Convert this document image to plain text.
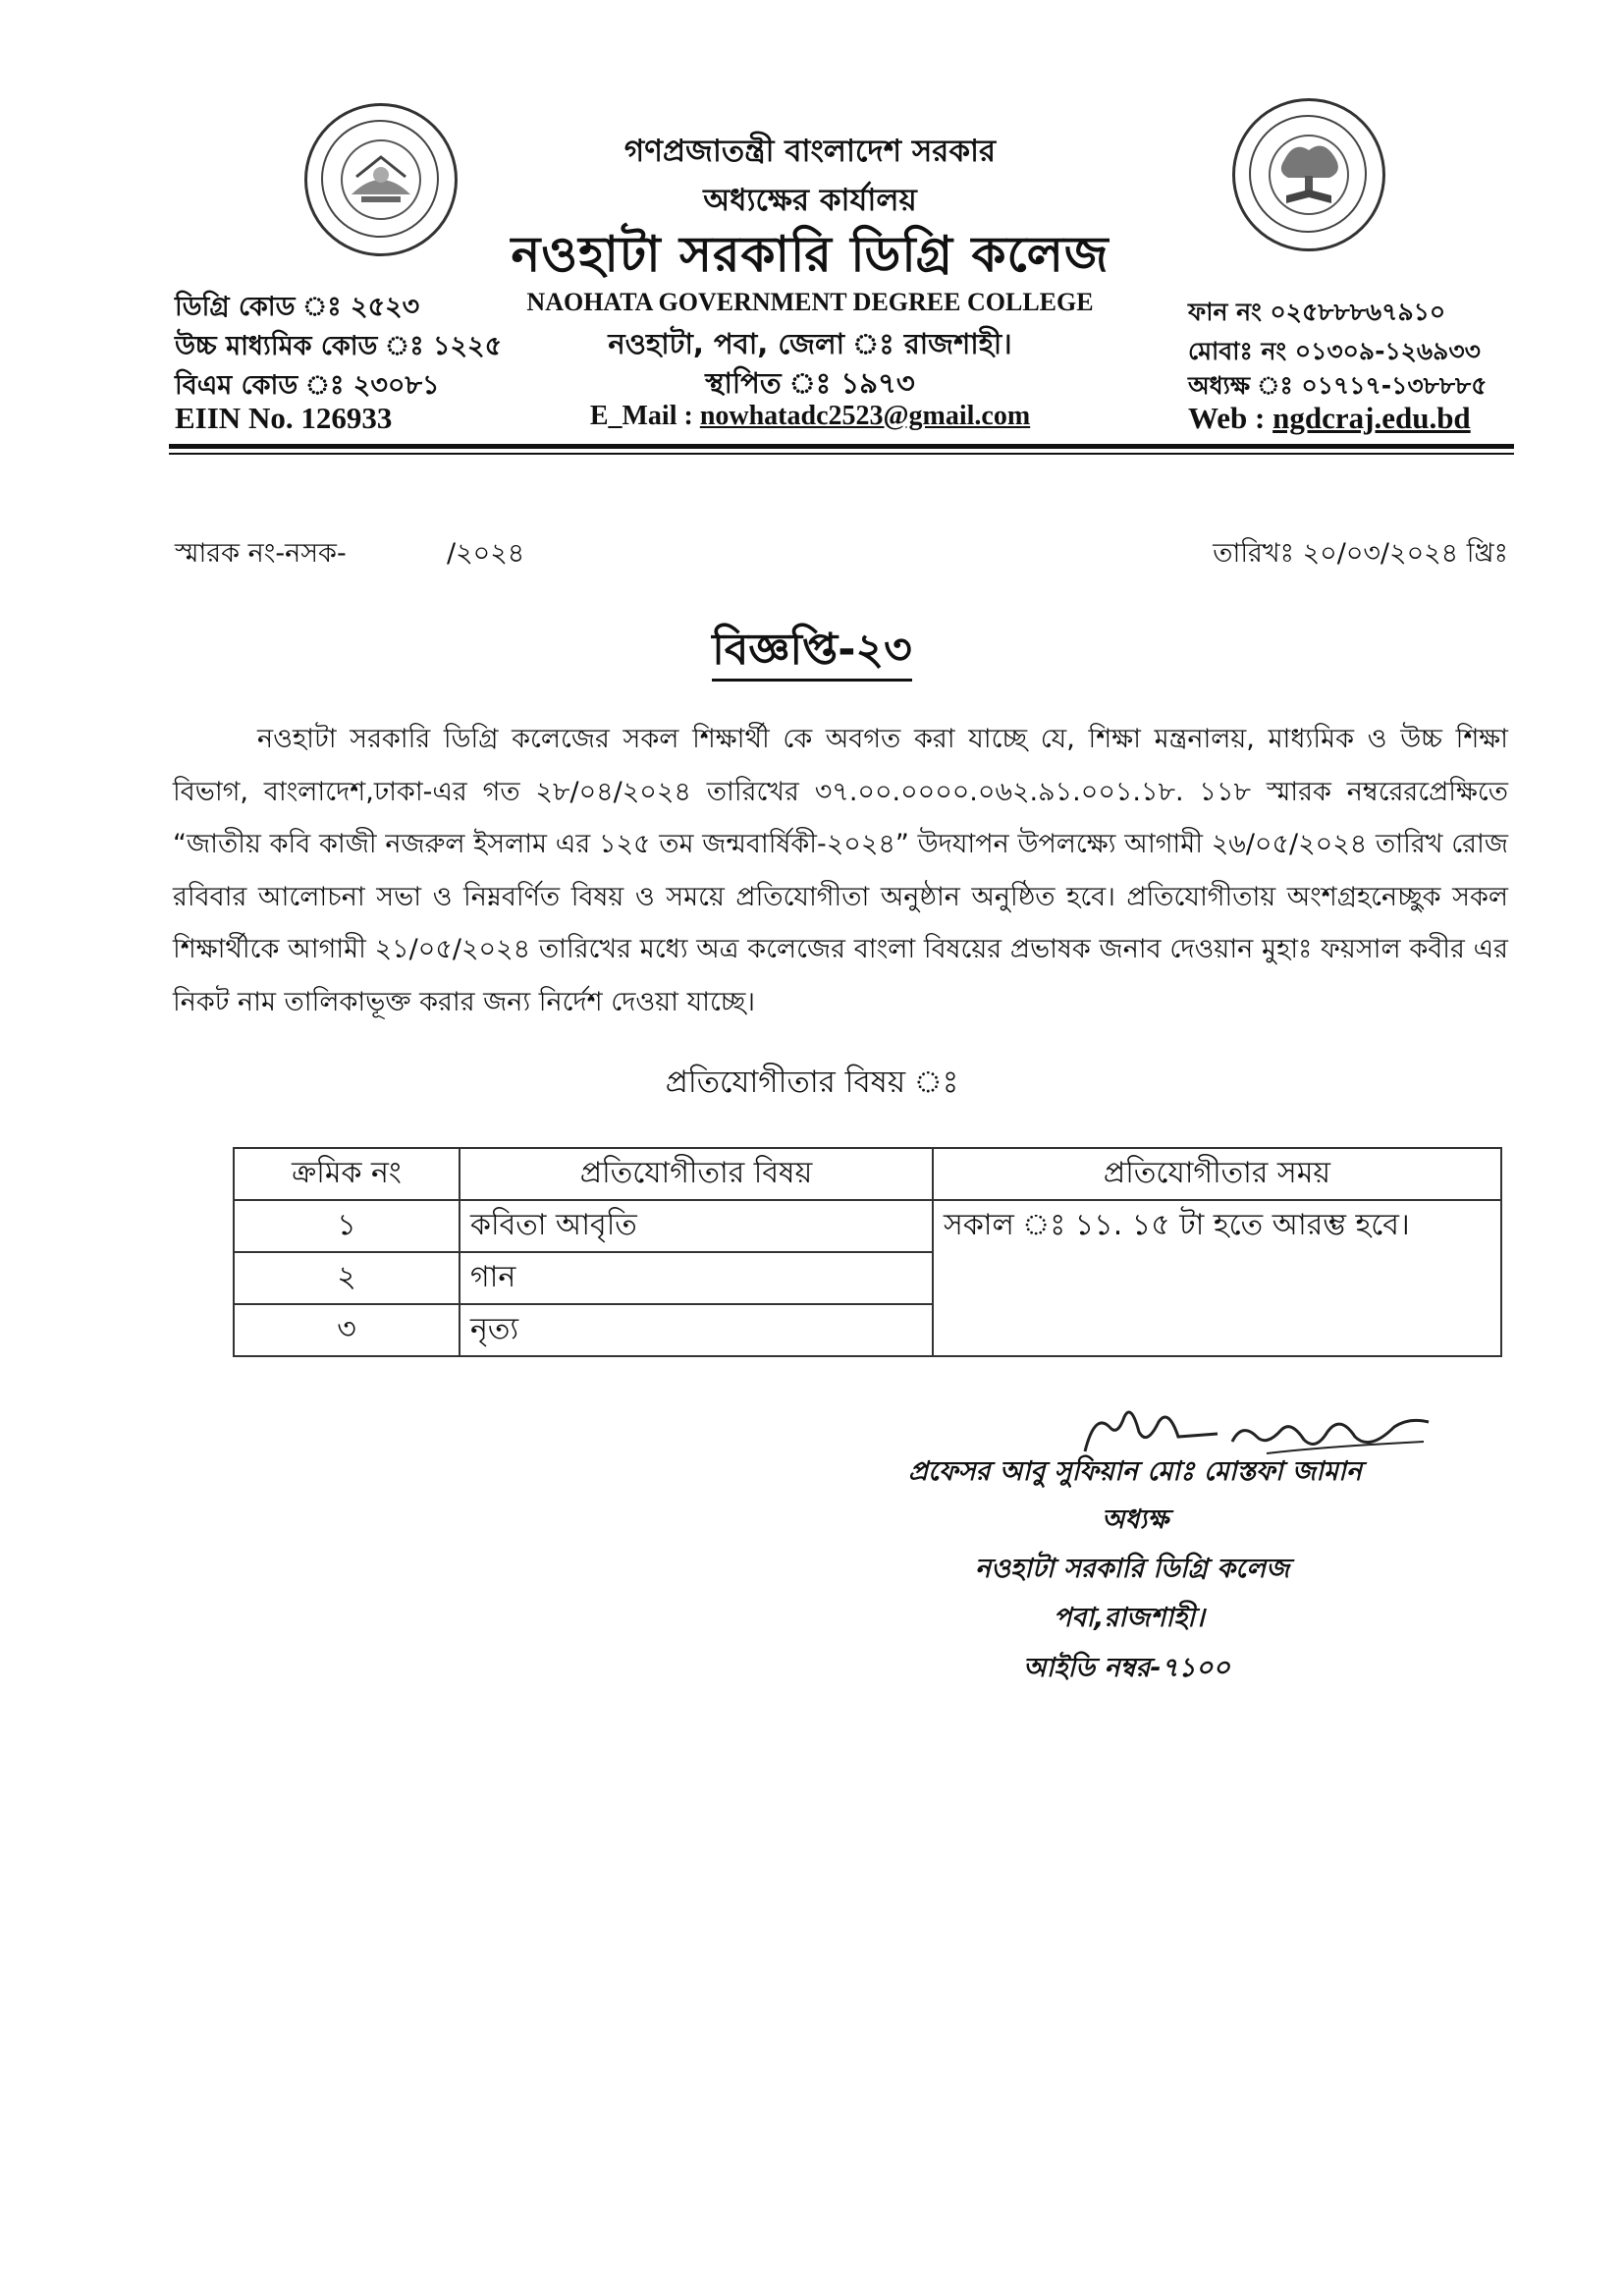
গণপ্রজাতন্ত্রী বাংলাদেশ সরকার
অধ্যক্ষের কার্যালয়
নওহাটা সরকারি ডিগ্রি কলেজ
NAOHATA GOVERNMENT DEGREE COLLEGE
নওহাটা, পবা, জেলা ঃ রাজশাহী।
স্থাপিত ঃ ১৯৭৩
E_Mail : nowhatadc2523@gmail.com
ডিগ্রি কোড ঃ ২৫২৩
উচ্চ মাধ্যমিক কোড ঃ ১২২৫
বিএম কোড ঃ ২৩০৮১
EIIN No. 126933
ফান নং ০২৫৮৮৮৬৭৯১০
মোবাঃ নং ০১৩০৯-১২৬৯৩৩
অধ্যক্ষ ঃ ০১৭১৭-১৩৮৮৮৫
Web : ngdcraj.edu.bd
স্মারক নং-নসক-	/২০২৪	তারিখঃ ২০/০৩/২০২৪ খ্রিঃ
বিজ্ঞপ্তি-২৩
নওহাটা সরকারি ডিগ্রি কলেজের সকল শিক্ষার্থী কে অবগত করা যাচ্ছে যে, শিক্ষা মন্ত্রনালয়, মাধ্যমিক ও উচ্চ শিক্ষা বিভাগ, বাংলাদেশ,ঢাকা-এর গত ২৮/০৪/২০২৪ তারিখের ৩৭.০০.০০০০.০৬২.৯১.০০১.১৮. ১১৮ স্মারক নম্বরেরপ্রেক্ষিতে “জাতীয় কবি কাজী নজরুল ইসলাম এর ১২৫ তম জন্মবার্ষিকী-২০২৪” উদযাপন উপলক্ষ্যে আগামী ২৬/০৫/২০২৪ তারিখ রোজ রবিবার আলোচনা সভা ও নিম্নবর্ণিত বিষয় ও সময়ে প্রতিযোগীতা অনুষ্ঠান অনুষ্ঠিত হবে। প্রতিযোগীতায় অংশগ্রহনেচ্ছুক সকল শিক্ষার্থীকে আগামী ২১/০৫/২০২৪ তারিখের মধ্যে অত্র কলেজের বাংলা বিষয়ের প্রভাষক জনাব দেওয়ান মুহাঃ ফয়সাল কবীর এর নিকট নাম তালিকাভূক্ত করার জন্য নির্দেশ দেওয়া যাচ্ছে।
প্রতিযোগীতার বিষয় ঃ
ক্রমিক নং	প্রতিযোগীতার বিষয়	প্রতিযোগীতার সময়
১	কবিতা আবৃতি	সকাল ঃ ১১. ১৫ টা হতে আরম্ভ হবে।
২	গান	
৩	নৃত্য	
প্রফেসর আবু সুফিয়ান মোঃ মোস্তফা জামান
অধ্যক্ষ
নওহাটা সরকারি ডিগ্রি কলেজ
পবা,রাজশাহী।
আইডি নম্বর-৭১০০
